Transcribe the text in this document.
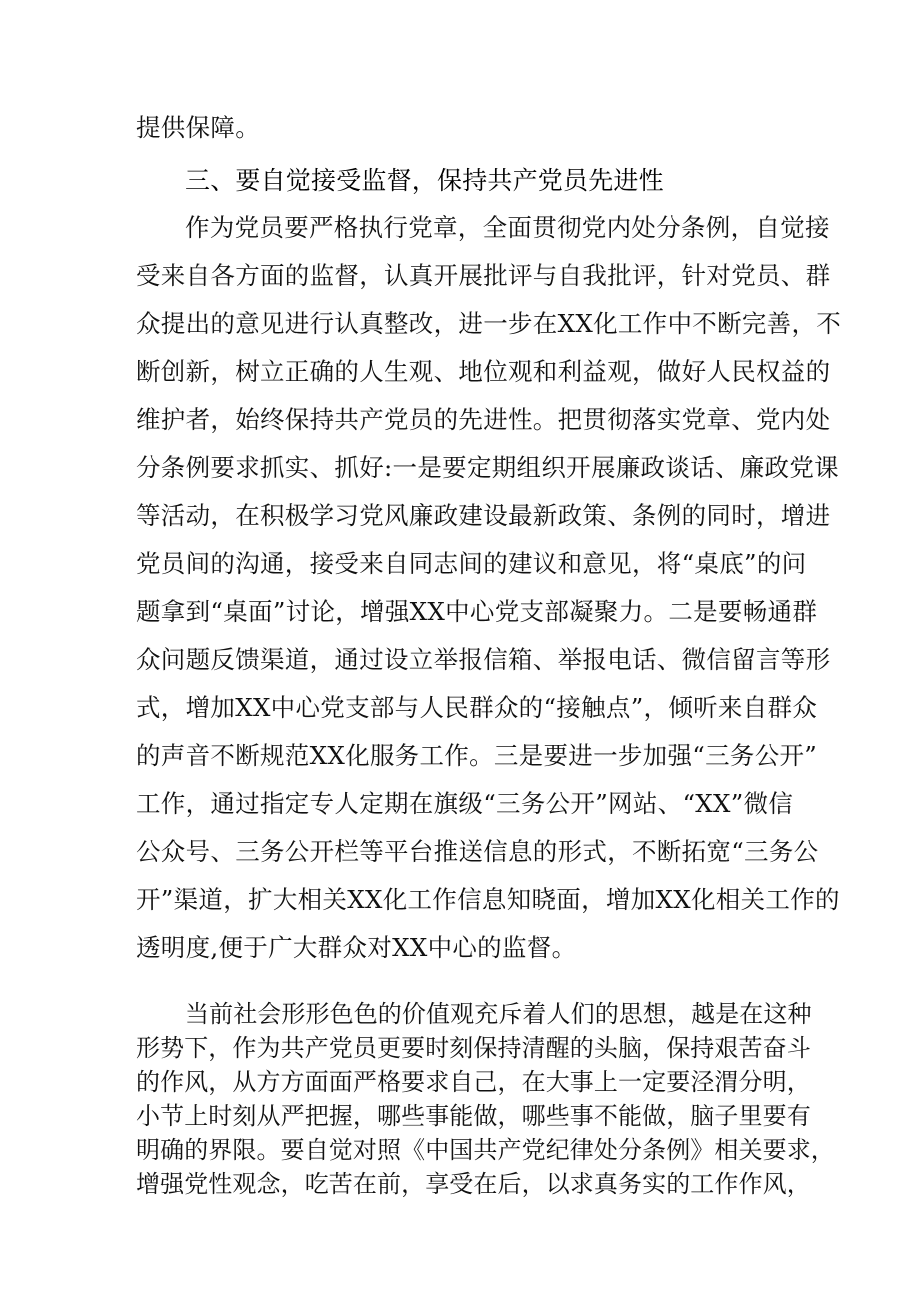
提供保障。
三、要自觉接受监督，保持共产党员先进性
作为党员要严格执行党章，全面贯彻党内处分条例，自觉接
受来自各方面的监督，认真开展批评与自我批评，针对党员、群
众提出的意见进行认真整改，进一步在XX化工作中不断完善，不
断创新，树立正确的人生观、地位观和利益观，做好人民权益的
维护者，始终保持共产党员的先进性。把贯彻落实党章、党内处
分条例要求抓实、抓好:一是要定期组织开展廉政谈话、廉政党课
等活动，在积极学习党风廉政建设最新政策、条例的同时，增进
党员间的沟通，接受来自同志间的建议和意见，将“桌底”的问
题拿到“桌面”讨论，增强XX中心党支部凝聚力。二是要畅通群
众问题反馈渠道，通过设立举报信箱、举报电话、微信留言等形
式，增加XX中心党支部与人民群众的“接触点”，倾听来自群众
的声音不断规范XX化服务工作。三是要进一步加强“三务公开”
工作，通过指定专人定期在旗级“三务公开”网站、“XX”微信
公众号、三务公开栏等平台推送信息的形式，不断拓宽“三务公
开”渠道，扩大相关XX化工作信息知晓面，增加XX化相关工作的
透明度,便于广大群众对XX中心的监督。
当前社会形形色色的价值观充斥着人们的思想，越是在这种
形势下，作为共产党员更要时刻保持清醒的头脑，保持艰苦奋斗
的作风，从方方面面严格要求自己，在大事上一定要泾渭分明，
小节上时刻从严把握，哪些事能做，哪些事不能做，脑子里要有
明确的界限。要自觉对照《中国共产党纪律处分条例》相关要求，
增强党性观念，吃苦在前，享受在后，以求真务实的工作作风，
